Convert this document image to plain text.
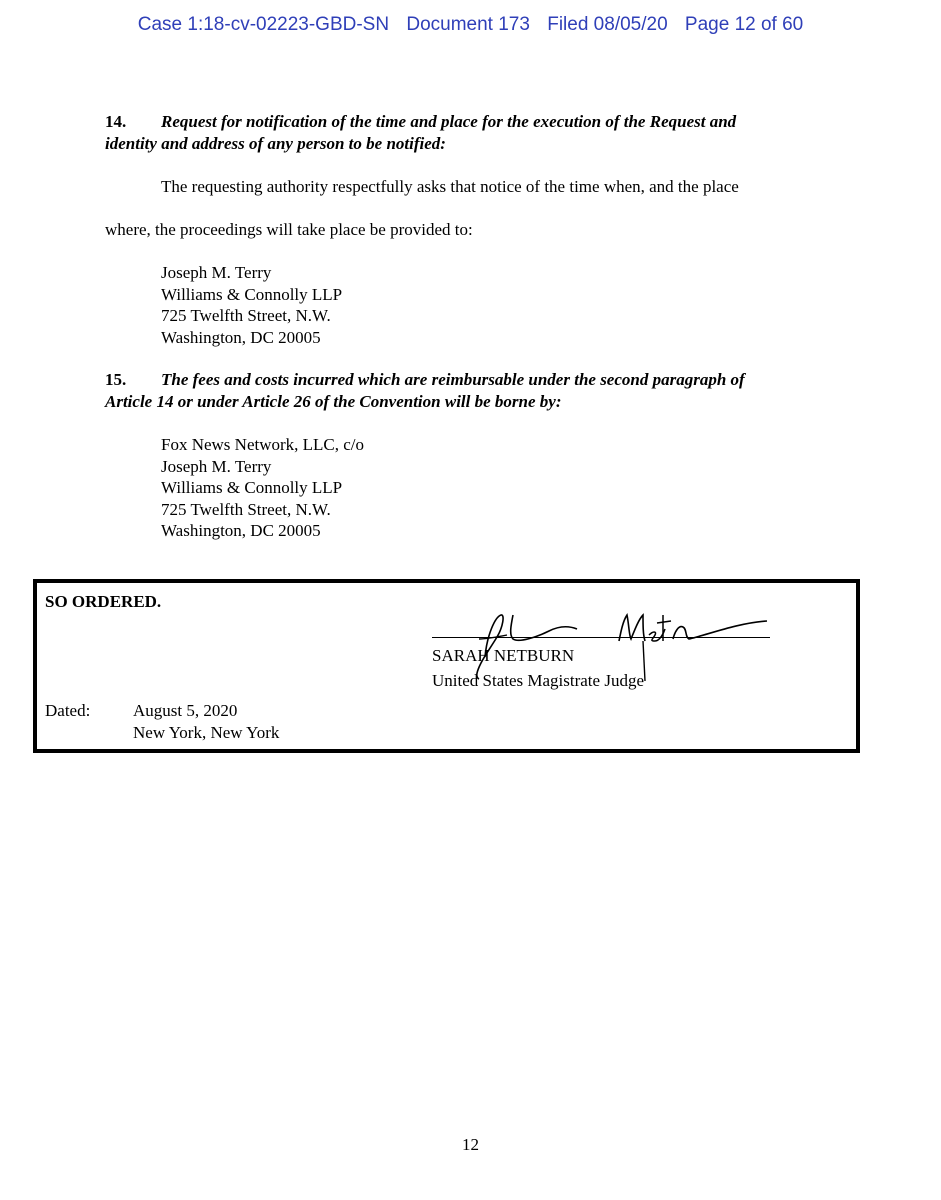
Case 1:18-cv-02223-GBD-SN Document 173 Filed 08/05/20 Page 12 of 60
14. Request for notification of the time and place for the execution of the Request and
identity and address of any person to be notified:
The requesting authority respectfully asks that notice of the time when, and the place
where, the proceedings will take place be provided to:
Joseph M. Terry
Williams & Connolly LLP
725 Twelfth Street, N.W.
Washington, DC 20005
15. The fees and costs incurred which are reimbursable under the second paragraph of
Article 14 or under Article 26 of the Convention will be borne by:
Fox News Network, LLC, c/o
Joseph M. Terry
Williams & Connolly LLP
725 Twelfth Street, N.W.
Washington, DC 20005
SO ORDERED.
SARAH NETBURN
United States Magistrate Judge
Dated:	August 5, 2020
New York, New York
12
